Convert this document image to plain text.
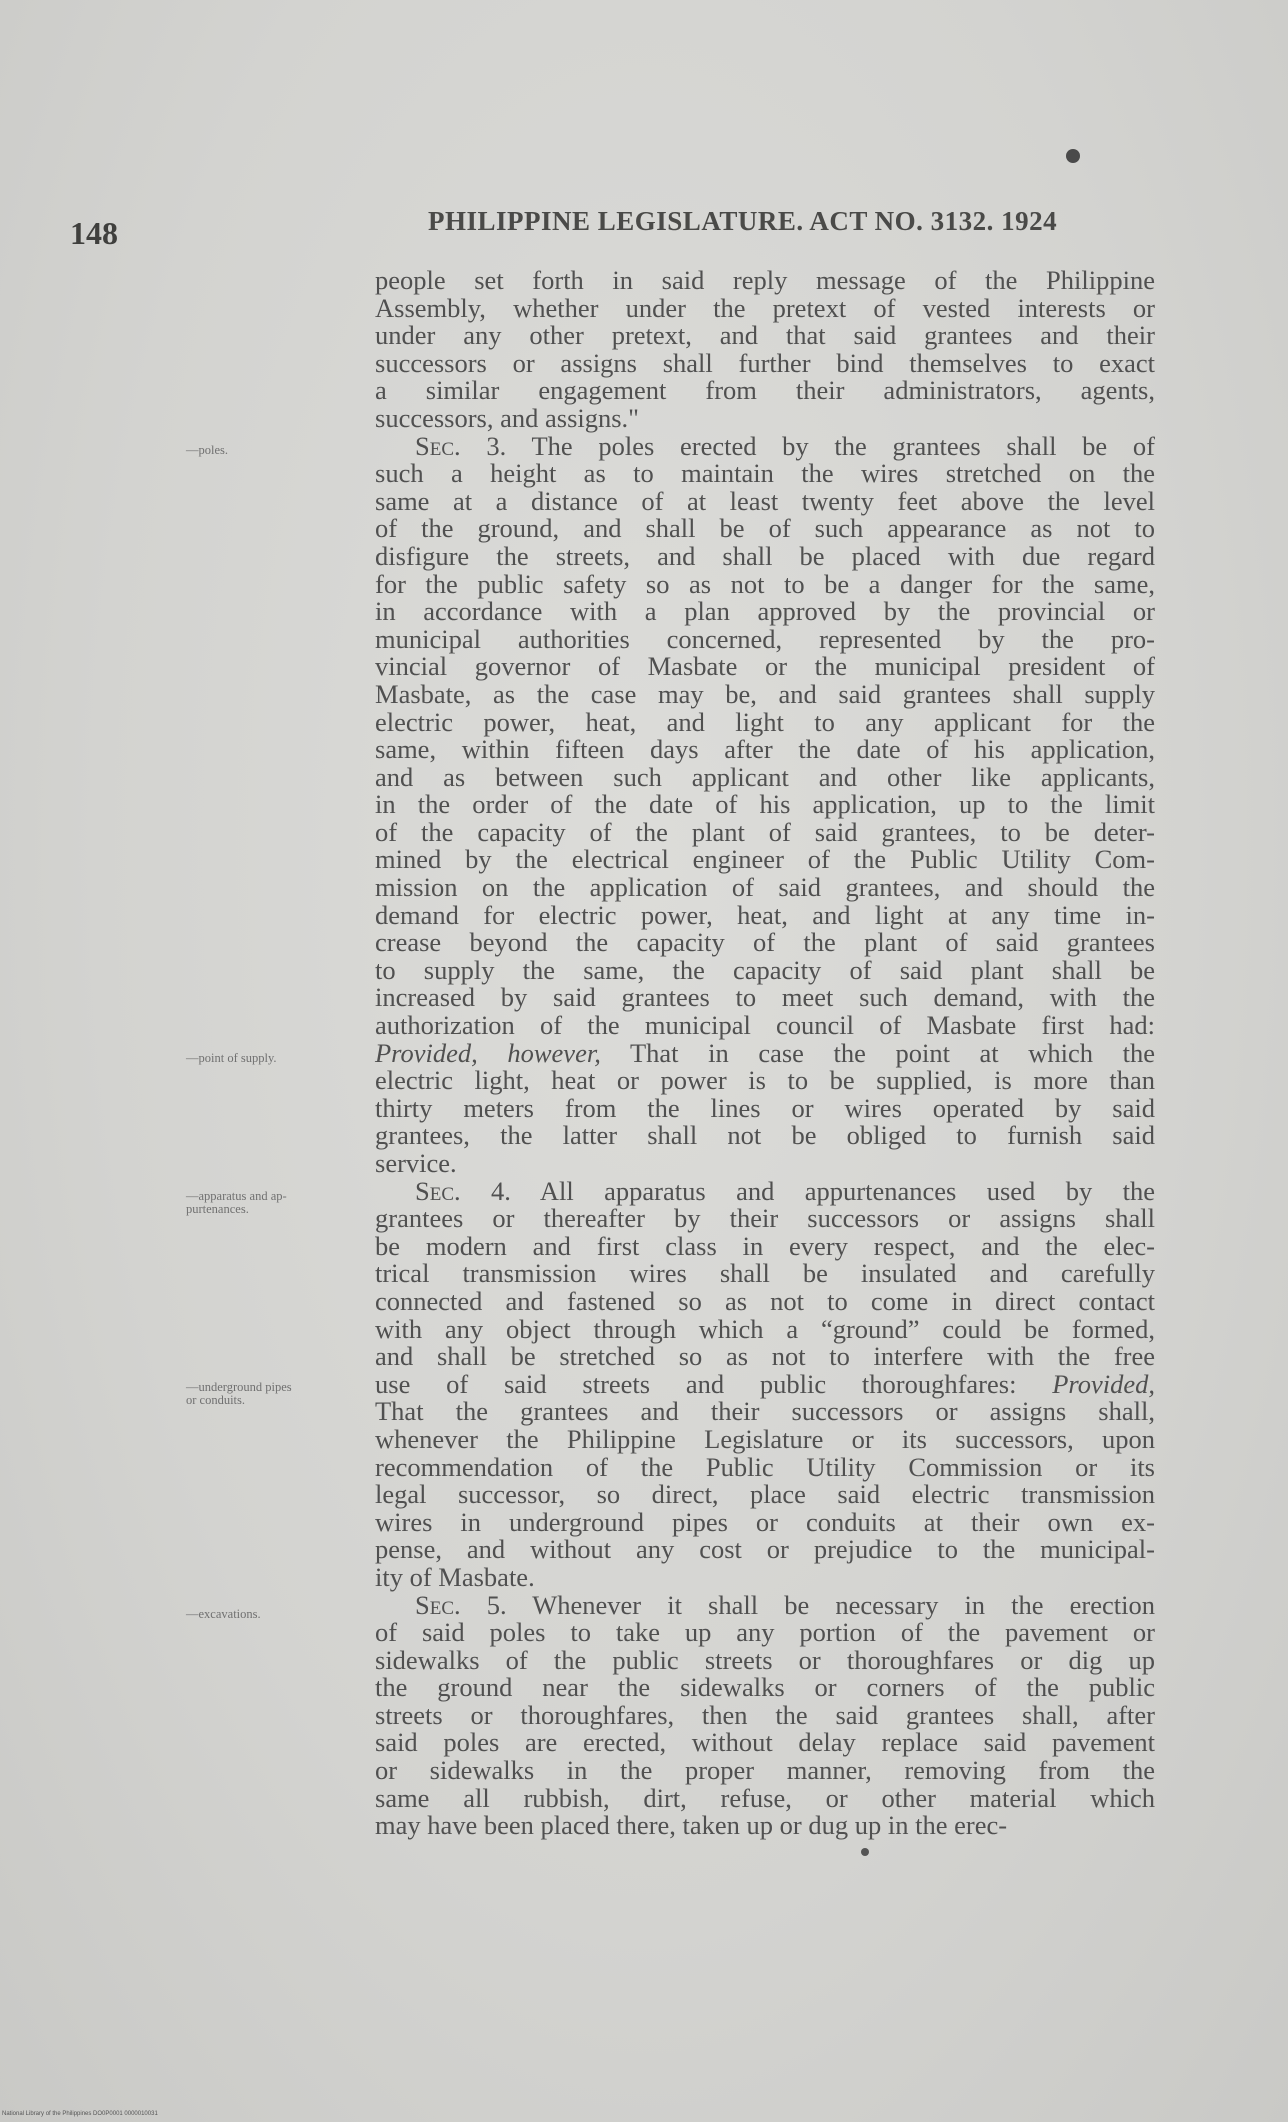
148	PHILIPPINE LEGISLATURE. ACT NO. 3132. 1924
—poles.
—point of supply.
—apparatus and ap-
purtenances.
—underground pipes
or conduits.
—excavations.
people set forth in said reply message of the Philippine
Assembly, whether under the pretext of vested interests or
under any other pretext, and that said grantees and their
successors or assigns shall further bind themselves to exact
a similar engagement from their administrators, agents,
successors, and assigns."
Sec. 3. The poles erected by the grantees shall be of
such a height as to maintain the wires stretched on the
same at a distance of at least twenty feet above the level
of the ground, and shall be of such appearance as not to
disfigure the streets, and shall be placed with due regard
for the public safety so as not to be a danger for the same,
in accordance with a plan approved by the provincial or
municipal authorities concerned, represented by the pro-
vincial governor of Masbate or the municipal president of
Masbate, as the case may be, and said grantees shall supply
electric power, heat, and light to any applicant for the
same, within fifteen days after the date of his application,
and as between such applicant and other like applicants,
in the order of the date of his application, up to the limit
of the capacity of the plant of said grantees, to be deter-
mined by the electrical engineer of the Public Utility Com-
mission on the application of said grantees, and should the
demand for electric power, heat, and light at any time in-
crease beyond the capacity of the plant of said grantees
to supply the same, the capacity of said plant shall be
increased by said grantees to meet such demand, with the
authorization of the municipal council of Masbate first had:
Provided, however, That in case the point at which the
electric light, heat or power is to be supplied, is more than
thirty meters from the lines or wires operated by said
grantees, the latter shall not be obliged to furnish said
service.
Sec. 4. All apparatus and appurtenances used by the
grantees or thereafter by their successors or assigns shall
be modern and first class in every respect, and the elec-
trical transmission wires shall be insulated and carefully
connected and fastened so as not to come in direct contact
with any object through which a “ground” could be formed,
and shall be stretched so as not to interfere with the free
use of said streets and public thoroughfares: Provided,
That the grantees and their successors or assigns shall,
whenever the Philippine Legislature or its successors, upon
recommendation of the Public Utility Commission or its
legal successor, so direct, place said electric transmission
wires in underground pipes or conduits at their own ex-
pense, and without any cost or prejudice to the municipal-
ity of Masbate.
Sec. 5. Whenever it shall be necessary in the erection
of said poles to take up any portion of the pavement or
sidewalks of the public streets or thoroughfares or dig up
the ground near the sidewalks or corners of the public
streets or thoroughfares, then the said grantees shall, after
said poles are erected, without delay replace said pavement
or sidewalks in the proper manner, removing from the
same all rubbish, dirt, refuse, or other material which
may have been placed there, taken up or dug up in the erec-
National Library of the Philippines DO0P0001 0000010031
